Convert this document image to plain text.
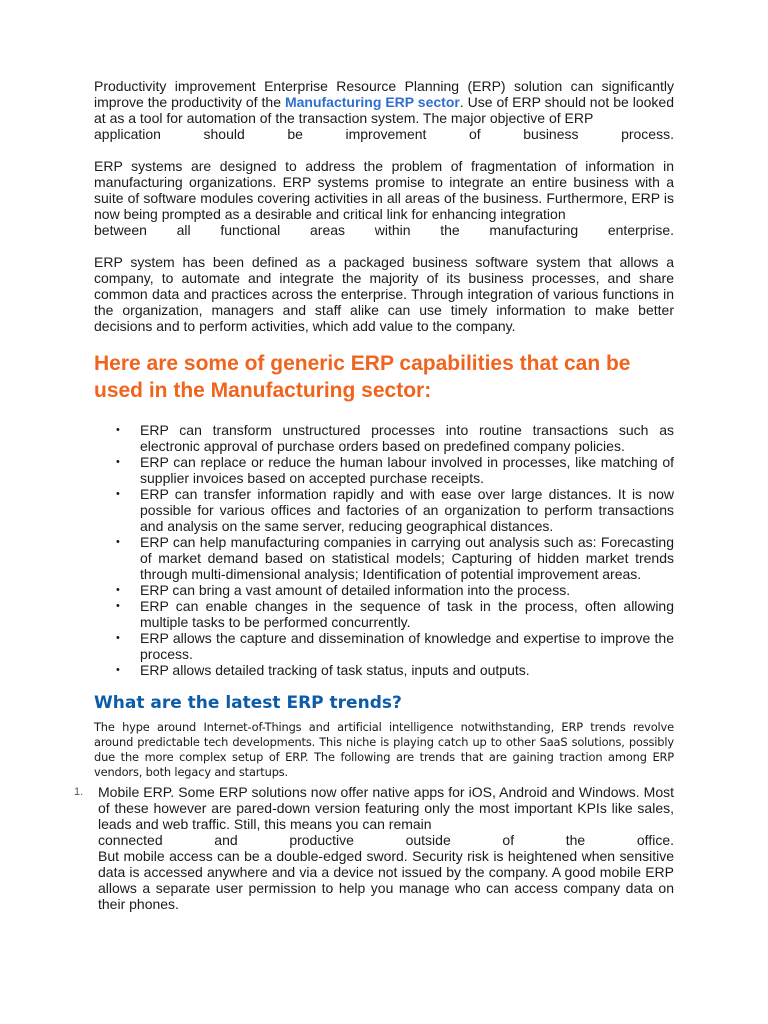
Productivity improvement Enterprise Resource Planning (ERP) solution can significantly improve the productivity of the Manufacturing ERP sector. Use of ERP should not be looked at as a tool for automation of the transaction system. The major objective of ERP
application should be improvement of business process.

ERP systems are designed to address the problem of fragmentation of information in manufacturing organizations. ERP systems promise to integrate an entire business with a suite of software modules covering activities in all areas of the business. Furthermore, ERP is now being prompted as a desirable and critical link for enhancing integration
between all functional areas within the manufacturing enterprise.

ERP system has been defined as a packaged business software system that allows a company, to automate and integrate the majority of its business processes, and share common data and practices across the enterprise. Through integration of various functions in the organization, managers and staff alike can use timely information to make better decisions and to perform activities, which add value to the company.

Here are some of generic ERP capabilities that can be used in the Manufacturing sector:
• ERP can transform unstructured processes into routine transactions such as electronic approval of purchase orders based on predefined company policies.
• ERP can replace or reduce the human labour involved in processes, like matching of supplier invoices based on accepted purchase receipts.
• ERP can transfer information rapidly and with ease over large distances. It is now possible for various offices and factories of an organization to perform transactions and analysis on the same server, reducing geographical distances.
• ERP can help manufacturing companies in carrying out analysis such as: Forecasting of market demand based on statistical models; Capturing of hidden market trends through multi-dimensional analysis; Identification of potential improvement areas.
• ERP can bring a vast amount of detailed information into the process.
• ERP can enable changes in the sequence of task in the process, often allowing multiple tasks to be performed concurrently.
• ERP allows the capture and dissemination of knowledge and expertise to improve the process.
• ERP allows detailed tracking of task status, inputs and outputs.
What are the latest ERP trends?

The hype around Internet-of-Things and artificial intelligence notwithstanding, ERP trends revolve around predictable tech developments. This niche is playing catch up to other SaaS solutions, possibly due the more complex setup of ERP. The following are trends that are gaining traction among ERP vendors, both legacy and startups.

1. Mobile ERP. Some ERP solutions now offer native apps for iOS, Android and Windows. Most of these however are pared-down version featuring only the most important KPIs like sales, leads and web traffic. Still, this means you can remain
connected and productive outside of the office.
But mobile access can be a double-edged sword. Security risk is heightened when sensitive data is accessed anywhere and via a device not issued by the company. A good mobile ERP allows a separate user permission to help you manage who can access company data on their phones.
